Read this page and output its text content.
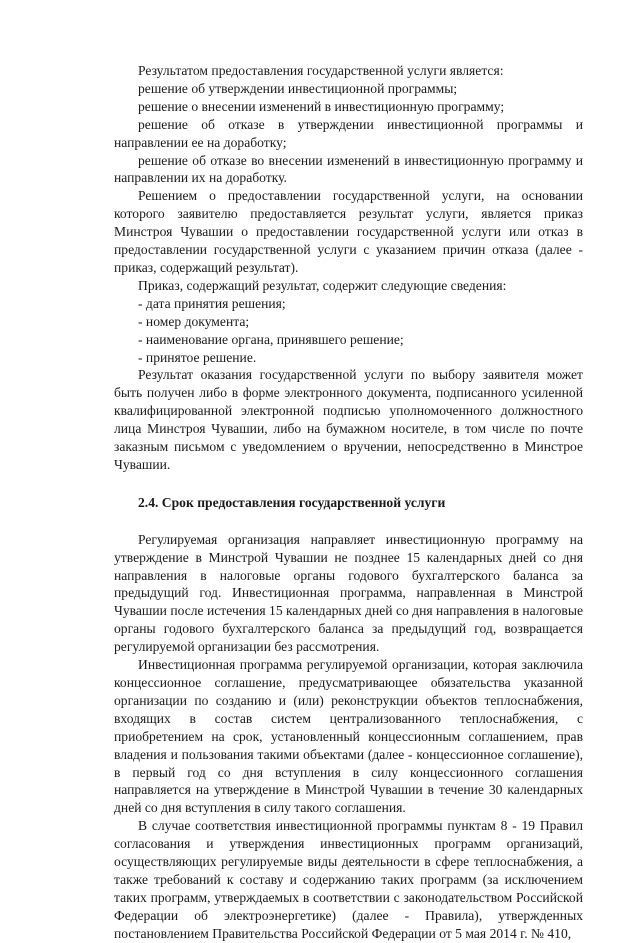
Результатом предоставления государственной услуги является:

решение об утверждении инвестиционной программы;

решение о внесении изменений в инвестиционную программу;

решение об отказе в утверждении инвестиционной программы и направлении ее на доработку;

решение об отказе во внесении изменений в инвестиционную программу и направлении их на доработку.

Решением о предоставлении государственной услуги, на основании которого заявителю предоставляется результат услуги, является приказ Минстроя Чувашии о предоставлении государственной услуги или отказ в предоставлении государственной услуги с указанием причин отказа (далее - приказ, содержащий результат).

Приказ, содержащий результат, содержит следующие сведения:

- дата принятия решения;

- номер документа;

- наименование органа, принявшего решение;

- принятое решение.

Результат оказания государственной услуги по выбору заявителя может быть получен либо в форме электронного документа, подписанного усиленной квалифицированной электронной подписью уполномоченного должностного лица Минстроя Чувашии, либо на бумажном носителе, в том числе по почте заказным письмом с уведомлением о вручении, непосредственно в Минстрое Чувашии.

2.4. Срок предоставления государственной услуги

Регулируемая организация направляет инвестиционную программу на утверждение в Минстрой Чувашии не позднее 15 календарных дней со дня направления в налоговые органы годового бухгалтерского баланса за предыдущий год. Инвестиционная программа, направленная в Минстрой Чувашии после истечения 15 календарных дней со дня направления в налоговые органы годового бухгалтерского баланса за предыдущий год, возвращается регулируемой организации без рассмотрения.

Инвестиционная программа регулируемой организации, которая заключила концессионное соглашение, предусматривающее обязательства указанной организации по созданию и (или) реконструкции объектов теплоснабжения, входящих в состав систем централизованного теплоснабжения, с приобретением на срок, установленный концессионным соглашением, прав владения и пользования такими объектами (далее - концессионное соглашение), в первый год со дня вступления в силу концессионного соглашения направляется на утверждение в Минстрой Чувашии в течение 30 календарных дней со дня вступления в силу такого соглашения.

В случае соответствия инвестиционной программы пунктам 8 - 19 Правил согласования и утверждения инвестиционных программ организаций, осуществляющих регулируемые виды деятельности в сфере теплоснабжения, а также требований к составу и содержанию таких программ (за исключением таких программ, утверждаемых в соответствии с законодательством Российской Федерации об электроэнергетике) (далее - Правила), утвержденных постановлением Правительства Российской Федерации от 5 мая 2014 г. № 410,
